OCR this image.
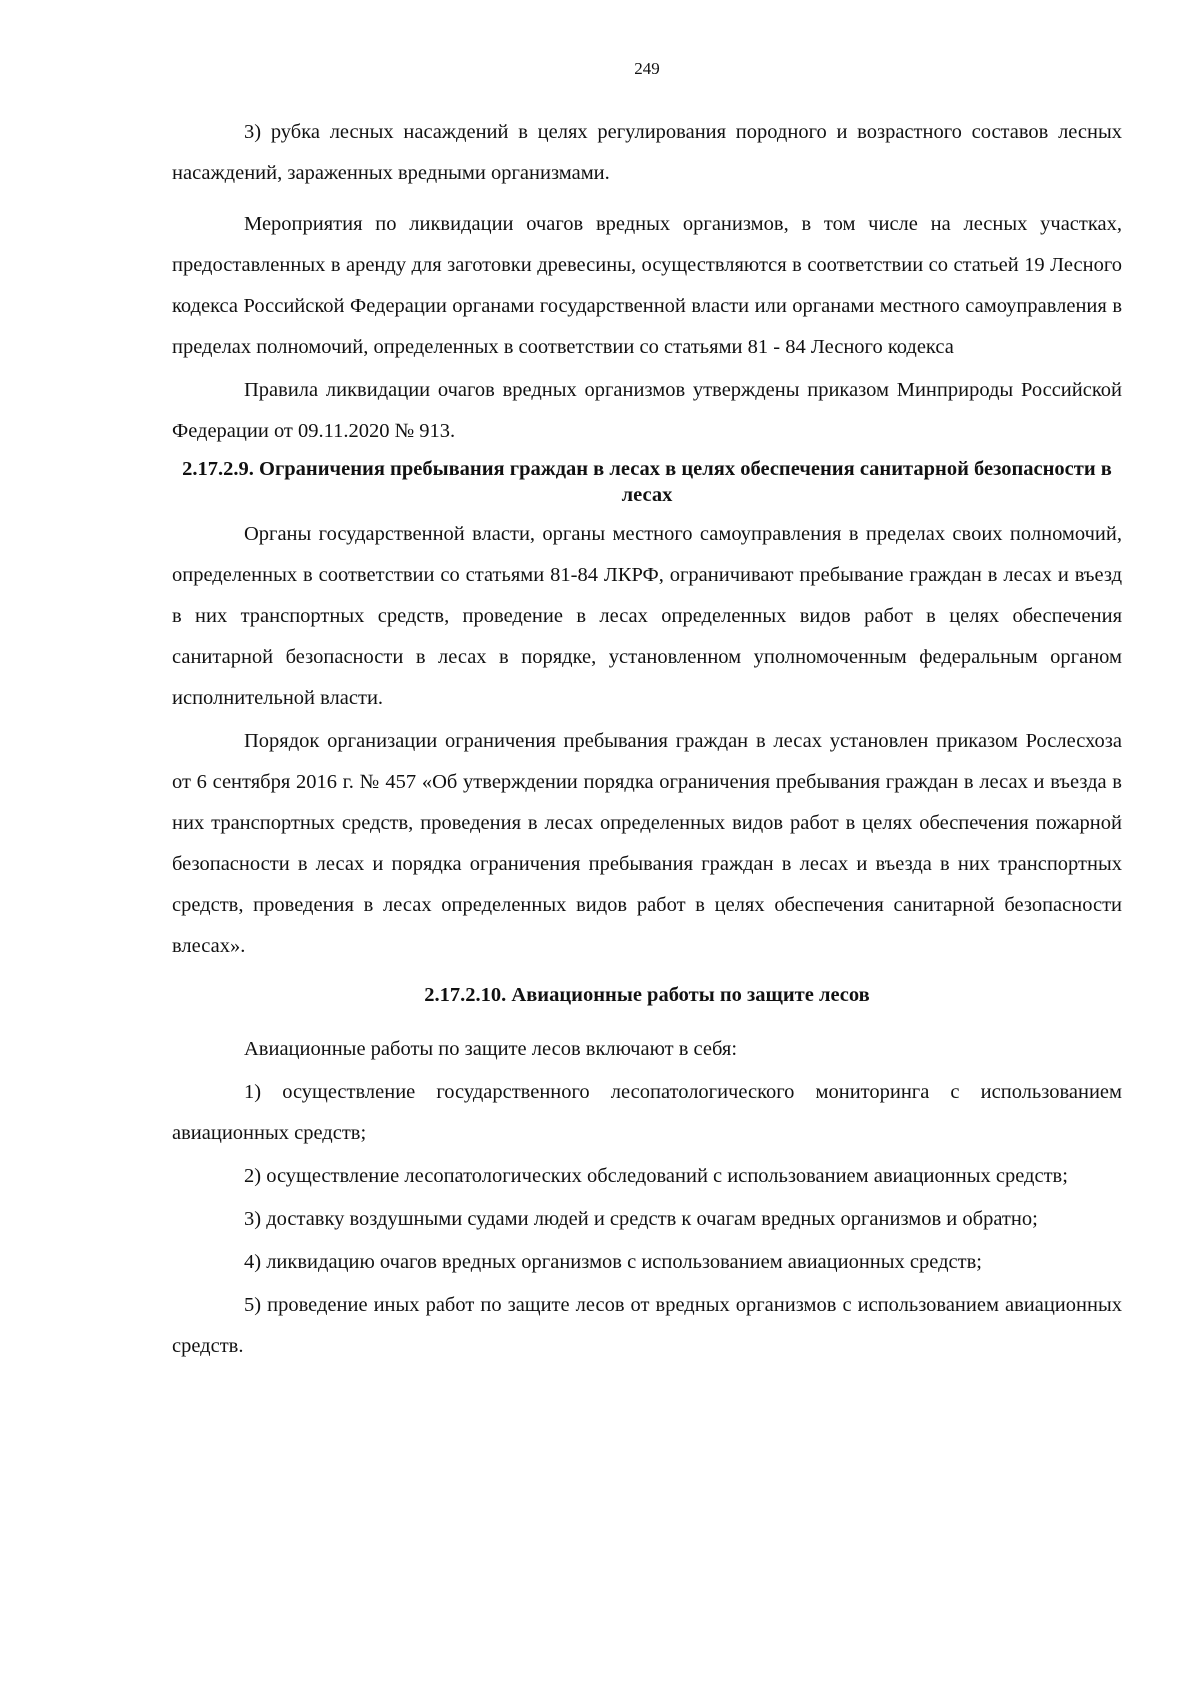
249

3) рубка лесных насаждений в целях регулирования породного и возрастного составов лесных насаждений, зараженных вредными организмами.

Мероприятия по ликвидации очагов вредных организмов, в том числе на лесных участках, предоставленных в аренду для заготовки древесины, осуществляются в соответствии со статьей 19 Лесного кодекса Российской Федерации органами государственной власти или органами местного самоуправления в пределах полномочий, определенных в соответствии со статьями 81 - 84 Лесного кодекса

Правила ликвидации очагов вредных организмов утверждены приказом Минприроды Российской Федерации от 09.11.2020 № 913.

2.17.2.9. Ограничения пребывания граждан в лесах в целях обеспечения санитарной безопасности в лесах

Органы государственной власти, органы местного самоуправления в пределах своих полномочий, определенных в соответствии со статьями 81-84 ЛКРФ, ограничивают пребывание граждан в лесах и въезд в них транспортных средств, проведение в лесах определенных видов работ в целях обеспечения санитарной безопасности в лесах в порядке, установленном уполномоченным федеральным органом исполнительной власти.

Порядок организации ограничения пребывания граждан в лесах установлен приказом Рослесхоза от 6 сентября 2016 г. № 457 «Об утверждении порядка ограничения пребывания граждан в лесах и въезда в них транспортных средств, проведения в лесах определенных видов работ в целях обеспечения пожарной безопасности в лесах и порядка ограничения пребывания граждан в лесах и въезда в них транспортных средств, проведения в лесах определенных видов работ в целях обеспечения санитарной безопасности влесах».

2.17.2.10. Авиационные работы по защите лесов

Авиационные работы по защите лесов включают в себя:

1) осуществление государственного лесопатологического мониторинга с использованием авиационных средств;

2) осуществление лесопатологических обследований с использованием авиационных средств;

3) доставку воздушными судами людей и средств к очагам вредных организмов и обратно;

4) ликвидацию очагов вредных организмов с использованием авиационных средств;

5) проведение иных работ по защите лесов от вредных организмов с использованием авиационных средств.
